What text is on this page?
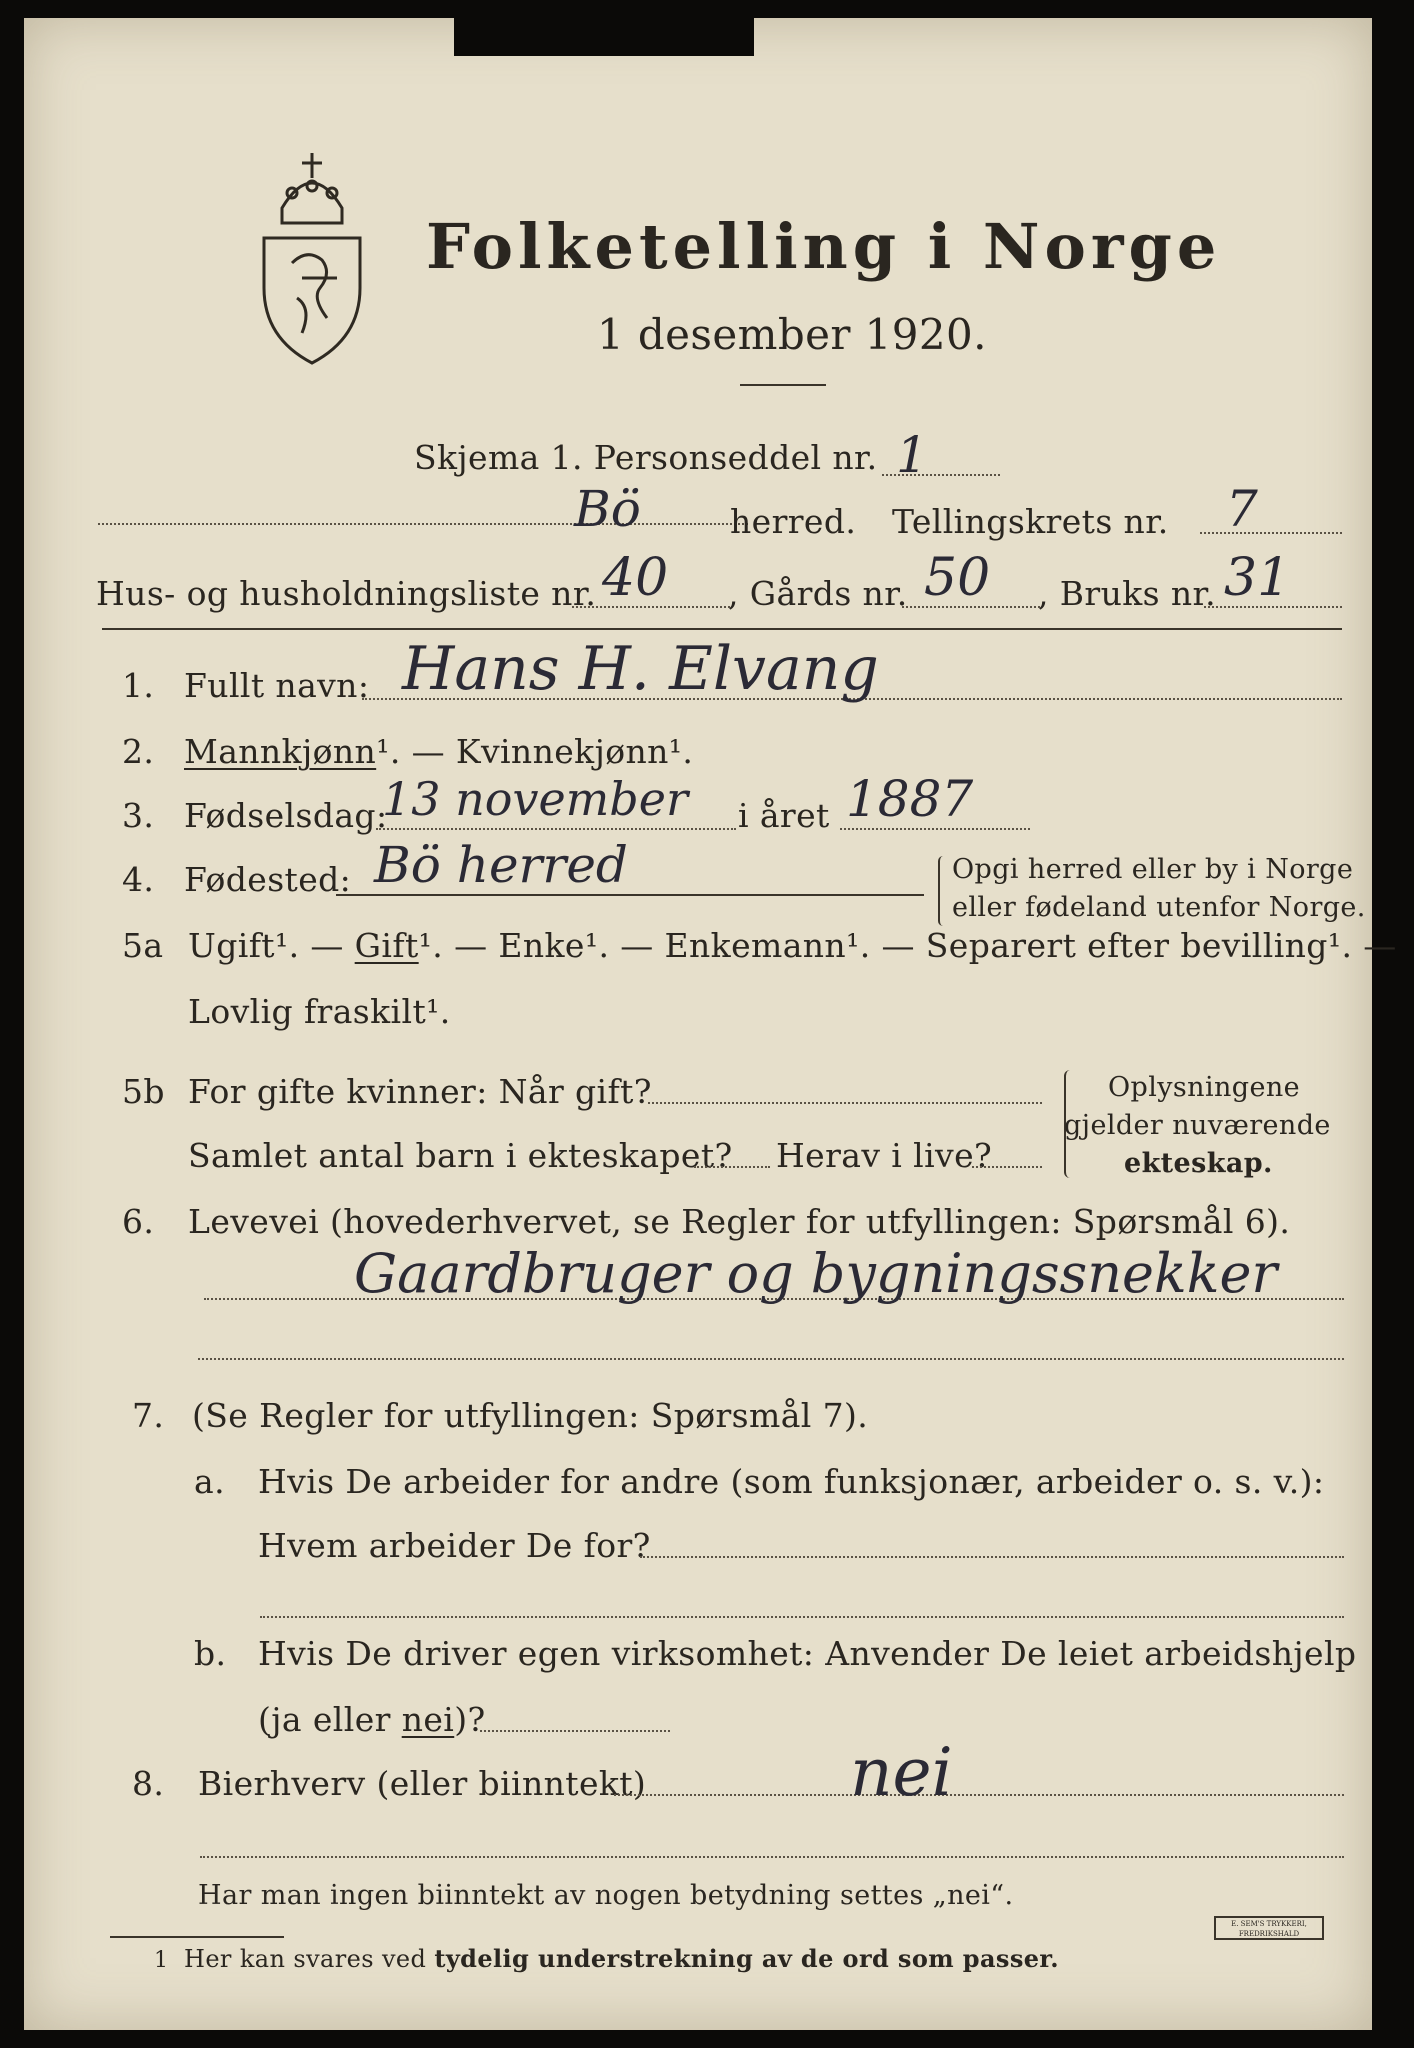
Folketelling i Norge
1 desember 1920.
Skjema 1. Personseddel nr. 1
Bö	herred. Tellingskrets nr. 7
Hus- og husholdningsliste nr. 40 , Gårds nr. 50 , Bruks nr. 31
1. Fullt navn: Hans H. Elvang
2. Mannkjønn¹. — Kvinnekjønn¹.
3. Fødselsdag:
13 november i året 1887
4. Fødested: Bö herred	Opgi herred eller by i Norge
eller fødeland utenfor Norge.
5a Ugift¹. — Gift¹. — Enke¹. — Enkemann¹. — Separert efter bevilling¹. —
Lovlig fraskilt¹.
5b For gifte kvinner: Når gift?
Samlet antal barn i ekteskapet? Herav i live?
Oplysningene
gjelder nuværende
ekteskap.
6. Levevei (hovederhvervet, se Regler for utfyllingen: Spørsmål 6).
Gaardbruger og bygningssnekker
7. (Se Regler for utfyllingen: Spørsmål 7).
a. Hvis De arbeider for andre (som funksjonær, arbeider o. s. v.):
Hvem arbeider De for?
b. Hvis De driver egen virksomhet: Anvender De leiet arbeidshjelp
(ja eller nei)?
8. Bierhverv (eller biinntekt)	nei
Har man ingen biinntekt av nogen betydning settes „nei“.
1 Her kan svares ved tydelig understrekning av de ord som passer.
E. SEM'S TRYKKERI, FREDRIKSHALD
